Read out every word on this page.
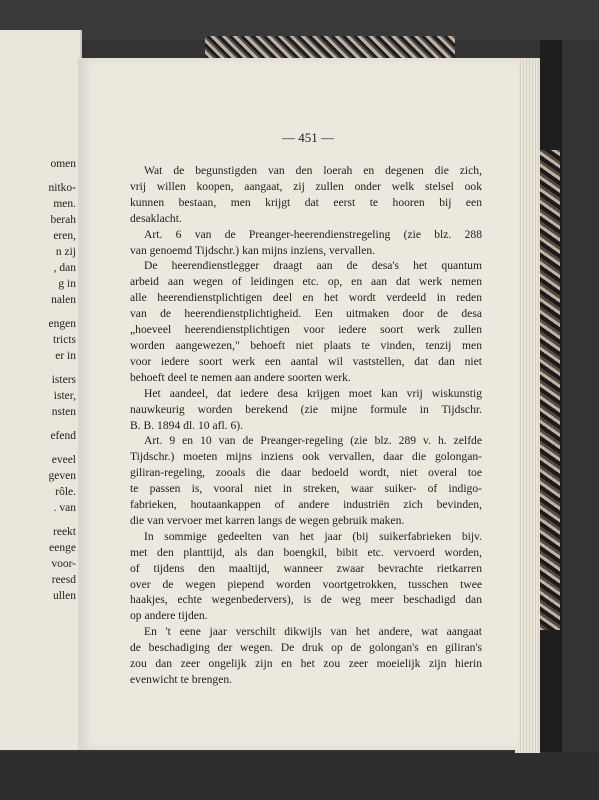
omen
nitko-
men.
berah
eren,
n zij
, dan
g in
nalen
engen
tricts
er in
isters
ister,
nsten
efend
eveel
geven
rôle.
. van
reekt
eenge
voor-
reesd
ullen
— 451 —
Wat de begunstigden van den loerah en degenen die zich,
vrij willen koopen, aangaat, zij zullen onder welk stelsel ook
kunnen bestaan, men krijgt dat eerst te hooren bij een
desaklacht.
Art. 6 van de Preanger-heerendienstregeling (zie blz. 288
van genoemd Tijdschr.) kan mijns inziens, vervallen.
De heerendienstlegger draagt aan de desa's het quantum
arbeid aan wegen of leidingen etc. op, en aan dat werk nemen
alle heerendienstplichtigen deel en het wordt verdeeld in reden
van de heerendienstplichtigheid. Een uitmaken door de desa
„hoeveel heerendienstplichtigen voor iedere soort werk zullen
worden aangewezen," behoeft niet plaats te vinden, tenzij men
voor iedere soort werk een aantal wil vaststellen, dat dan niet
behoeft deel te nemen aan andere soorten werk.
Het aandeel, dat iedere desa krijgen moet kan vrij wiskunstig
nauwkeurig worden berekend (zie mijne formule in Tijdschr.
B. B. 1894 dl. 10 afl. 6).
Art. 9 en 10 van de Preanger-regeling (zie blz. 289 v. h. zelfde
Tijdschr.) moeten mijns inziens ook vervallen, daar die golongan-
giliran-regeling, zooals die daar bedoeld wordt, niet overal toe
te passen is, vooral niet in streken, waar suiker- of indigo-
fabrieken, houtaankappen of andere industriën zich bevinden,
die van vervoer met karren langs de wegen gebruik maken.
In sommige gedeelten van het jaar (bij suikerfabrieken bijv.
met den planttijd, als dan boengkil, bibit etc. vervoerd worden,
of tijdens den maaltijd, wanneer zwaar bevrachte rietkarren
over de wegen piepend worden voortgetrokken, tusschen twee
haakjes, echte wegenbedervers), is de weg meer beschadigd dan
op andere tijden.
En 't eene jaar verschilt dikwijls van het andere, wat aangaat
de beschadiging der wegen. De druk op de golongan's en giliran's
zou dan zeer ongelijk zijn en het zou zeer moeielijk zijn hierin
evenwicht te brengen.
